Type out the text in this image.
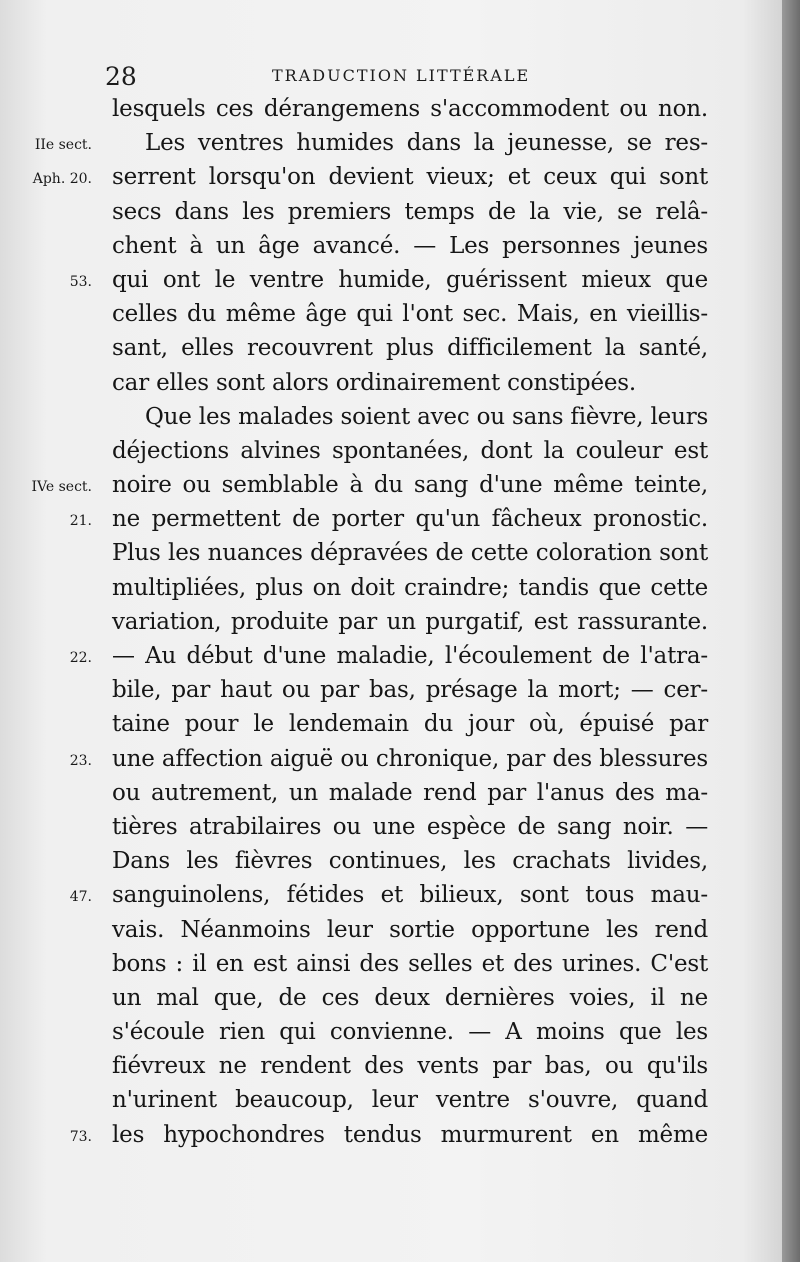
28	TRADUCTION LITTÉRALE
lesquels ces dérangemens s'accommodent ou non.
IIe sect. Les ventres humides dans la jeunesse, se res-
Aph. 20. serrent lorsqu'on devient vieux; et ceux qui sont
secs dans les premiers temps de la vie, se relâ-
chent à un âge avancé. — Les personnes jeunes
53. qui ont le ventre humide, guérissent mieux que
celles du même âge qui l'ont sec. Mais, en vieillis-
sant, elles recouvrent plus difficilement la santé,
car elles sont alors ordinairement constipées.
Que les malades soient avec ou sans fièvre, leurs
déjections alvines spontanées, dont la couleur est
IVe sect. noire ou semblable à du sang d'une même teinte,
21. ne permettent de porter qu'un fâcheux pronostic.
Plus les nuances dépravées de cette coloration sont
multipliées, plus on doit craindre; tandis que cette
variation, produite par un purgatif, est rassurante.
22. — Au début d'une maladie, l'écoulement de l'atra-
bile, par haut ou par bas, présage la mort; — cer-
taine pour le lendemain du jour où, épuisé par
23. une affection aiguë ou chronique, par des blessures
ou autrement, un malade rend par l'anus des ma-
tières atrabilaires ou une espèce de sang noir. —
Dans les fièvres continues, les crachats livides,
47. sanguinolens, fétides et bilieux, sont tous mau-
vais. Néanmoins leur sortie opportune les rend
bons : il en est ainsi des selles et des urines. C'est
un mal que, de ces deux dernières voies, il ne
s'écoule rien qui convienne. — A moins que les
fiévreux ne rendent des vents par bas, ou qu'ils
n'urinent beaucoup, leur ventre s'ouvre, quand
73. les hypochondres tendus murmurent en même
